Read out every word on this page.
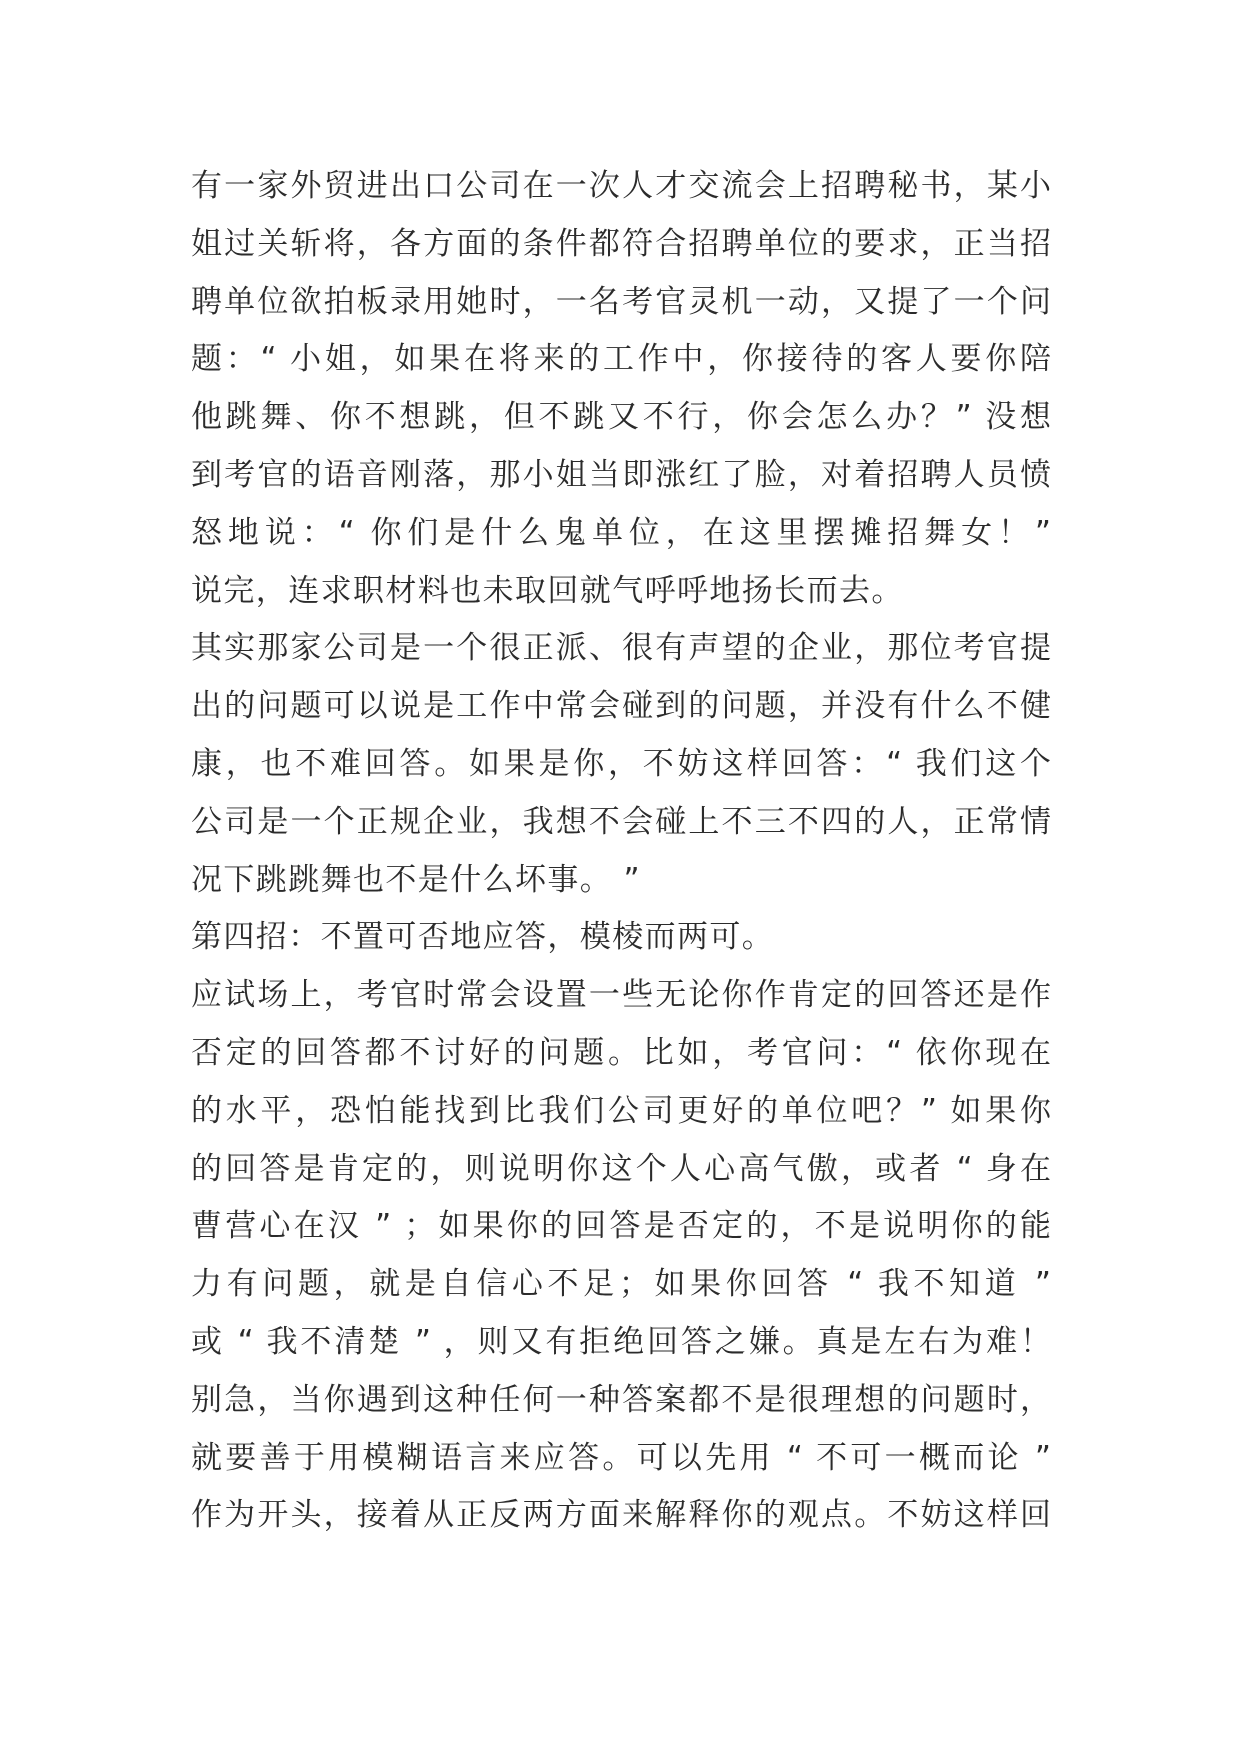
有一家外贸进出口公司在一次人才交流会上招聘秘书，某小
姐过关斩将，各方面的条件都符合招聘单位的要求，正当招
聘单位欲拍板录用她时，一名考官灵机一动，又提了一个问
题：“ 小姐，如果在将来的工作中，你接待的客人要你陪
他跳舞、你不想跳，但不跳又不行，你会怎么办？” 没想
到考官的语音刚落，那小姐当即涨红了脸，对着招聘人员愤
怒地说：“ 你们是什么鬼单位，在这里摆摊招舞女！”
说完，连求职材料也未取回就气呼呼地扬长而去。
其实那家公司是一个很正派、很有声望的企业，那位考官提
出的问题可以说是工作中常会碰到的问题，并没有什么不健
康，也不难回答。如果是你，不妨这样回答：“ 我们这个
公司是一个正规企业，我想不会碰上不三不四的人，正常情
况下跳跳舞也不是什么坏事。 ”
第四招：不置可否地应答，模棱而两可。
应试场上，考官时常会设置一些无论你作肯定的回答还是作
否定的回答都不讨好的问题。比如，考官问：“ 依你现在
的水平，恐怕能找到比我们公司更好的单位吧？” 如果你
的回答是肯定的，则说明你这个人心高气傲，或者 “ 身在
曹营心在汉 ” ；如果你的回答是否定的，不是说明你的能
力有问题，就是自信心不足；如果你回答 “ 我不知道 ”
或 “ 我不清楚 ” ，则又有拒绝回答之嫌。真是左右为难！
别急，当你遇到这种任何一种答案都不是很理想的问题时，
就要善于用模糊语言来应答。可以先用 “ 不可一概而论 ”
作为开头，接着从正反两方面来解释你的观点。不妨这样回
